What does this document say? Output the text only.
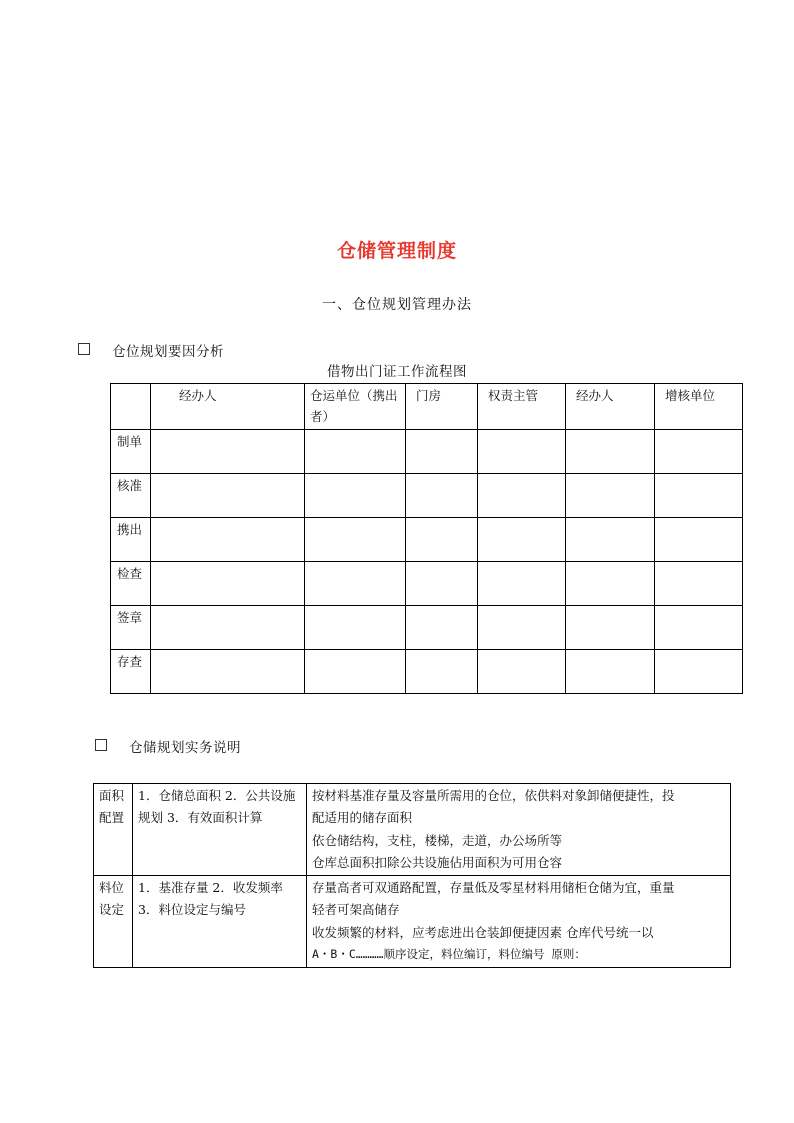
仓储管理制度
一、仓位规划管理办法
仓位规划要因分析
借物出门证工作流程图
	经办人	仓运单位（携出者）	门房	权责主管	经办人	增核单位
制单						
核准						
携出						
检查						
签章						
存查						
仓储规划实务说明
面积配置	1．仓储总面积 2．公共设施规划 3．有效面积计算	按材料基准存量及容量所需用的仓位，依供料对象卸储便捷性，投
配适用的储存面积
依仓储结构，支柱，楼梯，走道，办公场所等
仓库总面积扣除公共设施佔用面积为可用仓容

料位设定	1．基准存量 2．收发频率 3．料位设定与编号	存量高者可双通路配置，存量低及零星材料用储柜仓储为宜，重量
轻者可架高储存
收发频繁的材料，应考虑进出仓装卸便捷因素 仓库代号统一以
A・B・C…………顺序设定，料位编订，料位编号 原则：
